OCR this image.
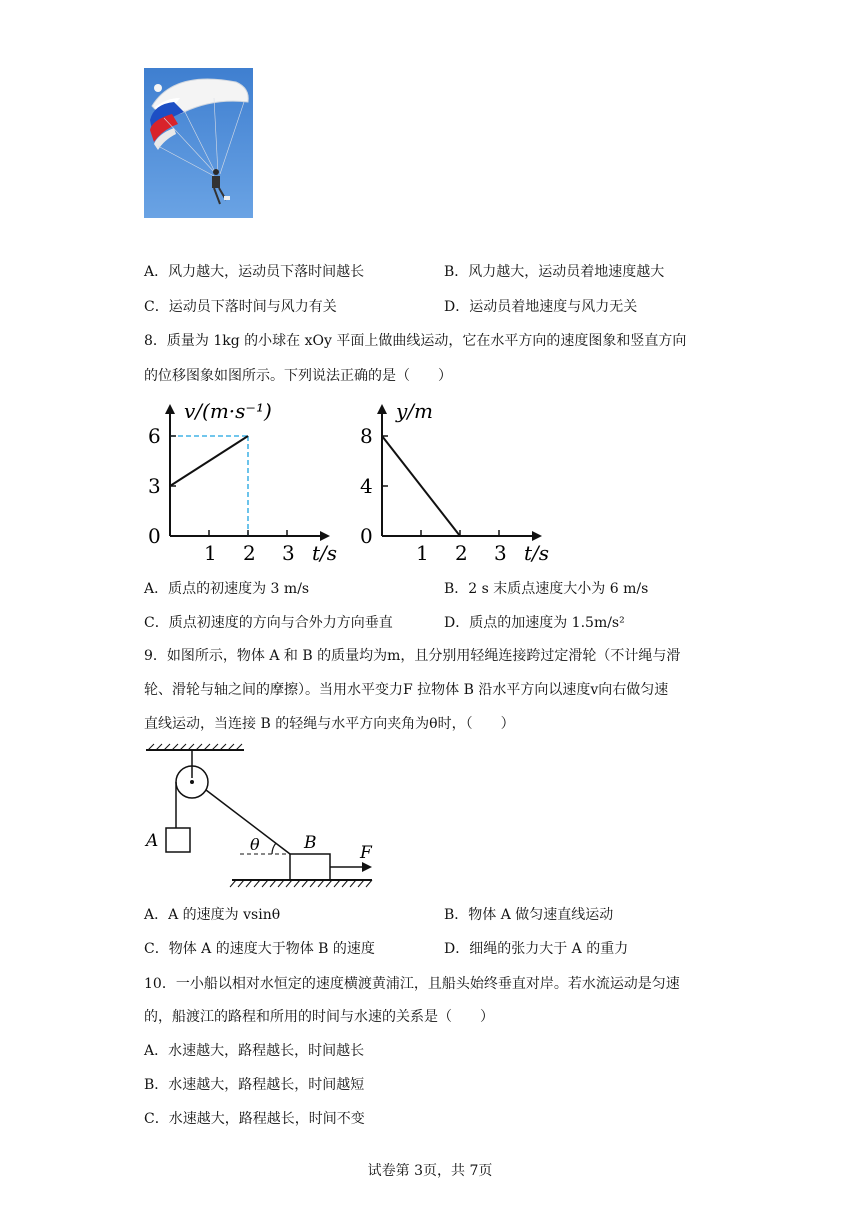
A．风力越大，运动员下落时间越长	B．风力越大，运动员着地速度越大
C．运动员下落时间与风力有关	D．运动员着地速度与风力无关
8．质量为 1kg 的小球在 xOy 平面上做曲线运动，它在水平方向的速度图象和竖直方向
的位移图象如图所示。下列说法正确的是（　　）
1 2 3
0
3
6
v/(m·s⁻¹)
t/s	1 2 3
0
4
8
y/m
t/s
A．质点的初速度为 3 m/s	B．2 s 末质点速度大小为 6 m/s
C．质点初速度的方向与合外力方向垂直	D．质点的加速度为 1.5m/s²
9．如图所示，物体 A 和 B 的质量均为m，且分别用轻绳连接跨过定滑轮（不计绳与滑
轮、滑轮与轴之间的摩擦）。当用水平变力F 拉物体 B 沿水平方向以速度v向右做匀速
直线运动，当连接 B 的轻绳与水平方向夹角为θ时，（　　）
A	θ	B	F
A．A 的速度为 vsinθ	B．物体 A 做匀速直线运动
C．物体 A 的速度大于物体 B 的速度	D．细绳的张力大于 A 的重力
10．一小船以相对水恒定的速度横渡黄浦江，且船头始终垂直对岸。若水流运动是匀速
的，船渡江的路程和所用的时间与水速的关系是（　　）
A．水速越大，路程越长，时间越长
B．水速越大，路程越长，时间越短
C．水速越大，路程越长，时间不变
试卷第 3页，共 7页
